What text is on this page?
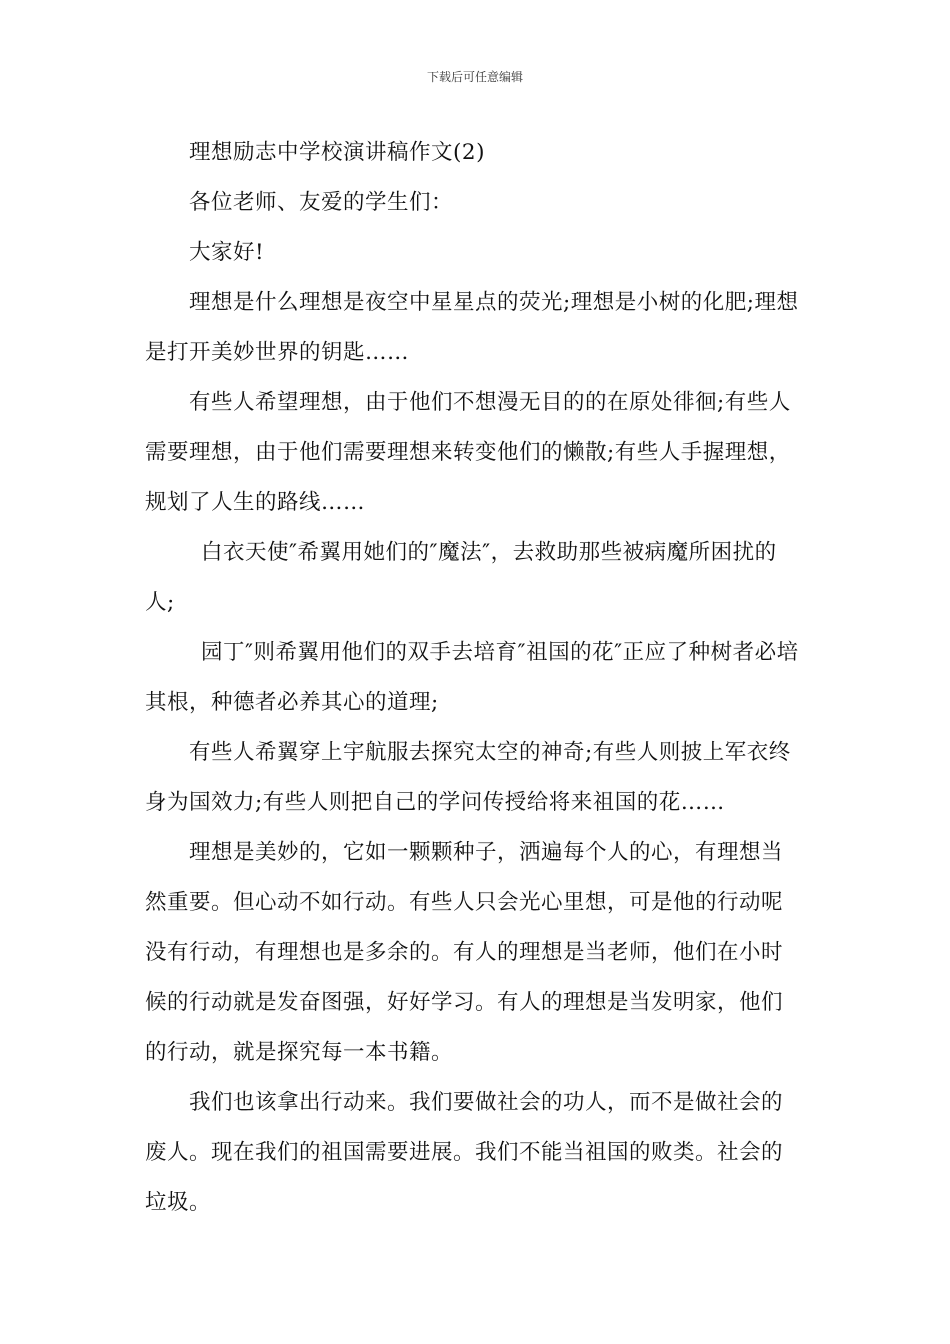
下载后可任意编辑

理想励志中学校演讲稿作文(2)

各位老师、友爱的学生们：

大家好!

理想是什么理想是夜空中星星点的荧光;理想是小树的化肥;理想是打开美妙世界的钥匙……

有些人希望理想，由于他们不想漫无目的的在原处徘徊;有些人需要理想，由于他们需要理想来转变他们的懒散;有些人手握理想，规划了人生的路线……

白衣天使″希翼用她们的″魔法″，去救助那些被病魔所困扰的人;

园丁″则希翼用他们的双手去培育″祖国的花″正应了种树者必培其根，种德者必养其心的道理;

有些人希翼穿上宇航服去探究太空的神奇;有些人则披上军衣终身为国效力;有些人则把自己的学问传授给将来祖国的花……

理想是美妙的，它如一颗颗种子，洒遍每个人的心，有理想当然重要。但心动不如行动。有些人只会光心里想，可是他的行动呢没有行动，有理想也是多余的。有人的理想是当老师，他们在小时候的行动就是发奋图强，好好学习。有人的理想是当发明家，他们的行动，就是探究每一本书籍。

我们也该拿出行动来。我们要做社会的功人，而不是做社会的废人。现在我们的祖国需要进展。我们不能当祖国的败类。社会的垃圾。
